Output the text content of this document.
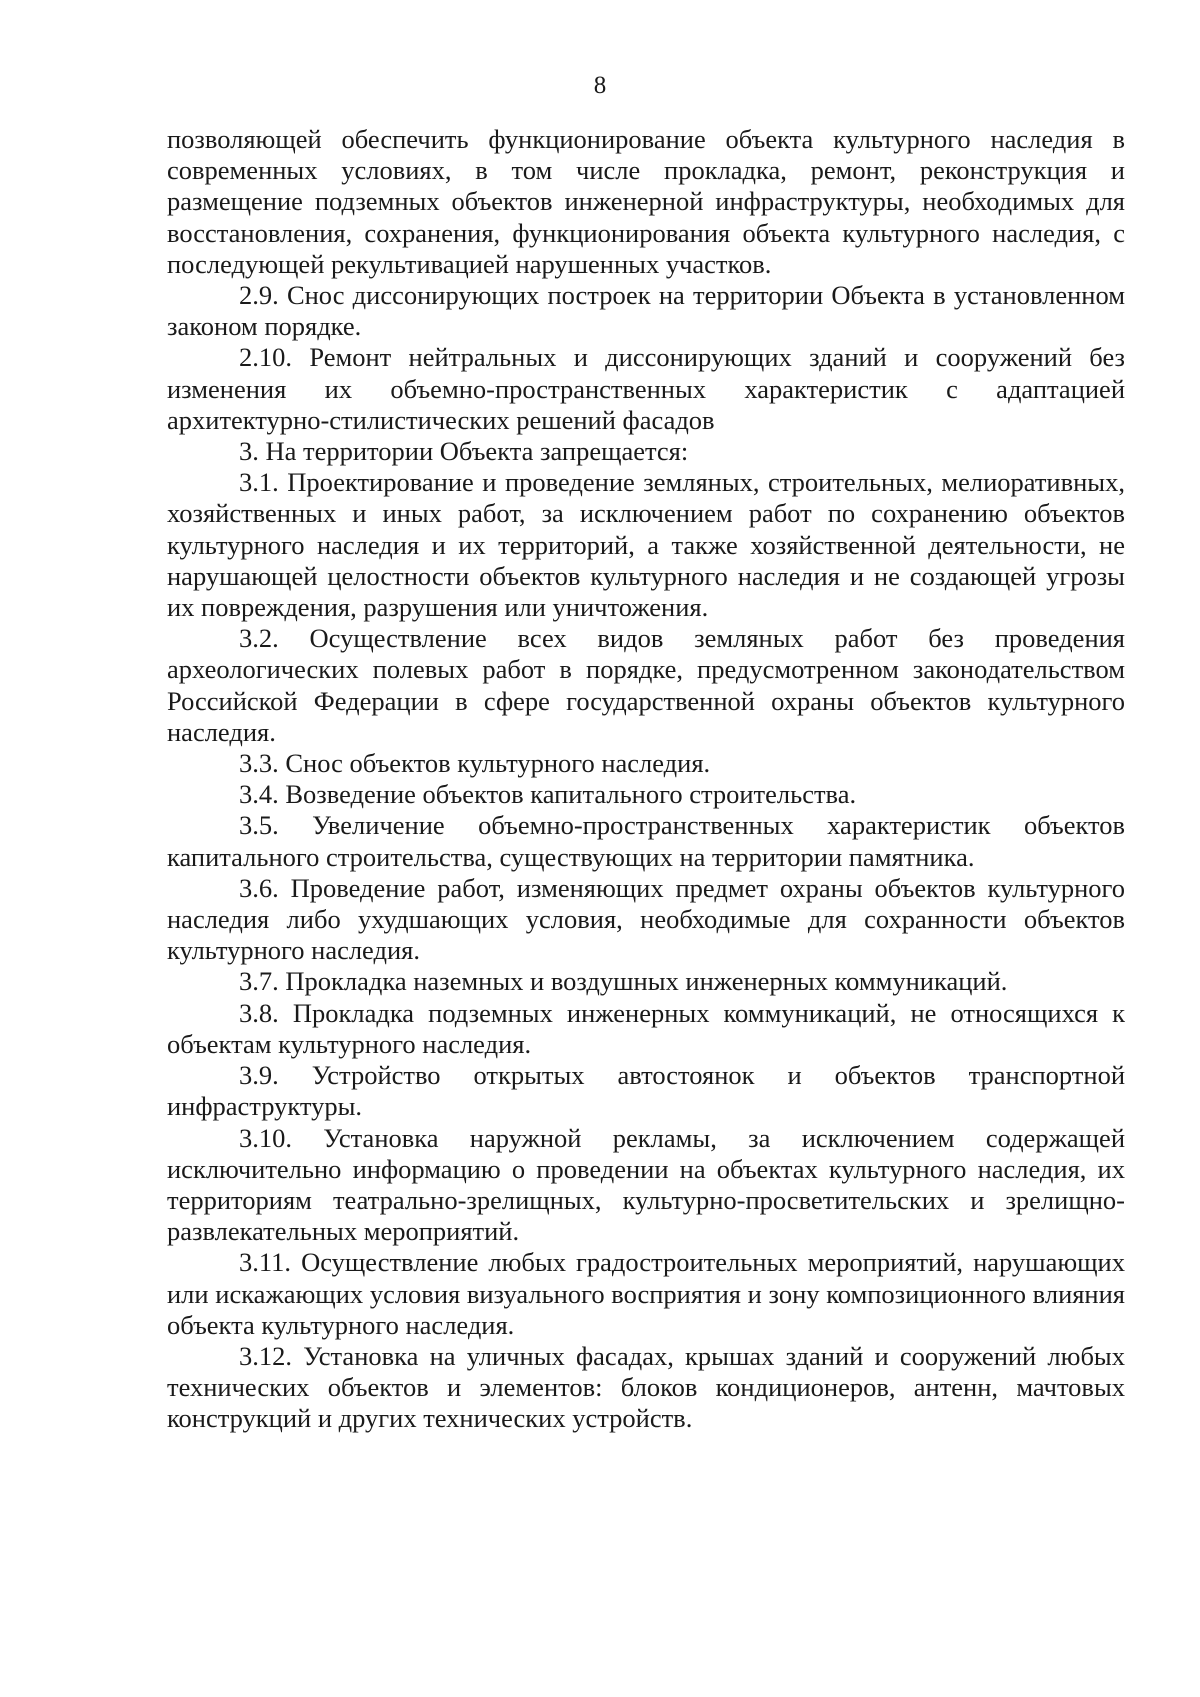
8

позволяющей обеспечить функционирование объекта культурного наследия в современных условиях, в том числе прокладка, ремонт, реконструкция и размещение подземных объектов инженерной инфраструктуры, необходимых для восстановления, сохранения, функционирования объекта культурного наследия, с последующей рекультивацией нарушенных участков.

2.9. Снос диссонирующих построек на территории Объекта в установленном законом порядке.

2.10. Ремонт нейтральных и диссонирующих зданий и сооружений без изменения их объемно-пространственных характеристик с адаптацией архитектурно-стилистических решений фасадов

3. На территории Объекта запрещается:

3.1. Проектирование и проведение земляных, строительных, мелиоративных, хозяйственных и иных работ, за исключением работ по сохранению объектов культурного наследия и их территорий, а также хозяйственной деятельности, не нарушающей целостности объектов культурного наследия и не создающей угрозы их повреждения, разрушения или уничтожения.

3.2. Осуществление всех видов земляных работ без проведения археологических полевых работ в порядке, предусмотренном законодательством Российской Федерации в сфере государственной охраны объектов культурного наследия.

3.3. Снос объектов культурного наследия.

3.4. Возведение объектов капитального строительства.

3.5. Увеличение объемно-пространственных характеристик объектов капитального строительства, существующих на территории памятника.

3.6. Проведение работ, изменяющих предмет охраны объектов культурного наследия либо ухудшающих условия, необходимые для сохранности объектов культурного наследия.

3.7. Прокладка наземных и воздушных инженерных коммуникаций.

3.8. Прокладка подземных инженерных коммуникаций, не относящихся к объектам культурного наследия.

3.9. Устройство открытых автостоянок и объектов транспортной инфраструктуры.

3.10. Установка наружной рекламы, за исключением содержащей исключительно информацию о проведении на объектах культурного наследия, их территориям театрально-зрелищных, культурно-просветительских и зрелищно-развлекательных мероприятий.

3.11. Осуществление любых градостроительных мероприятий, нарушающих или искажающих условия визуального восприятия и зону композиционного влияния объекта культурного наследия.

3.12. Установка на уличных фасадах, крышах зданий и сооружений любых технических объектов и элементов: блоков кондиционеров, антенн, мачтовых конструкций и других технических устройств.
